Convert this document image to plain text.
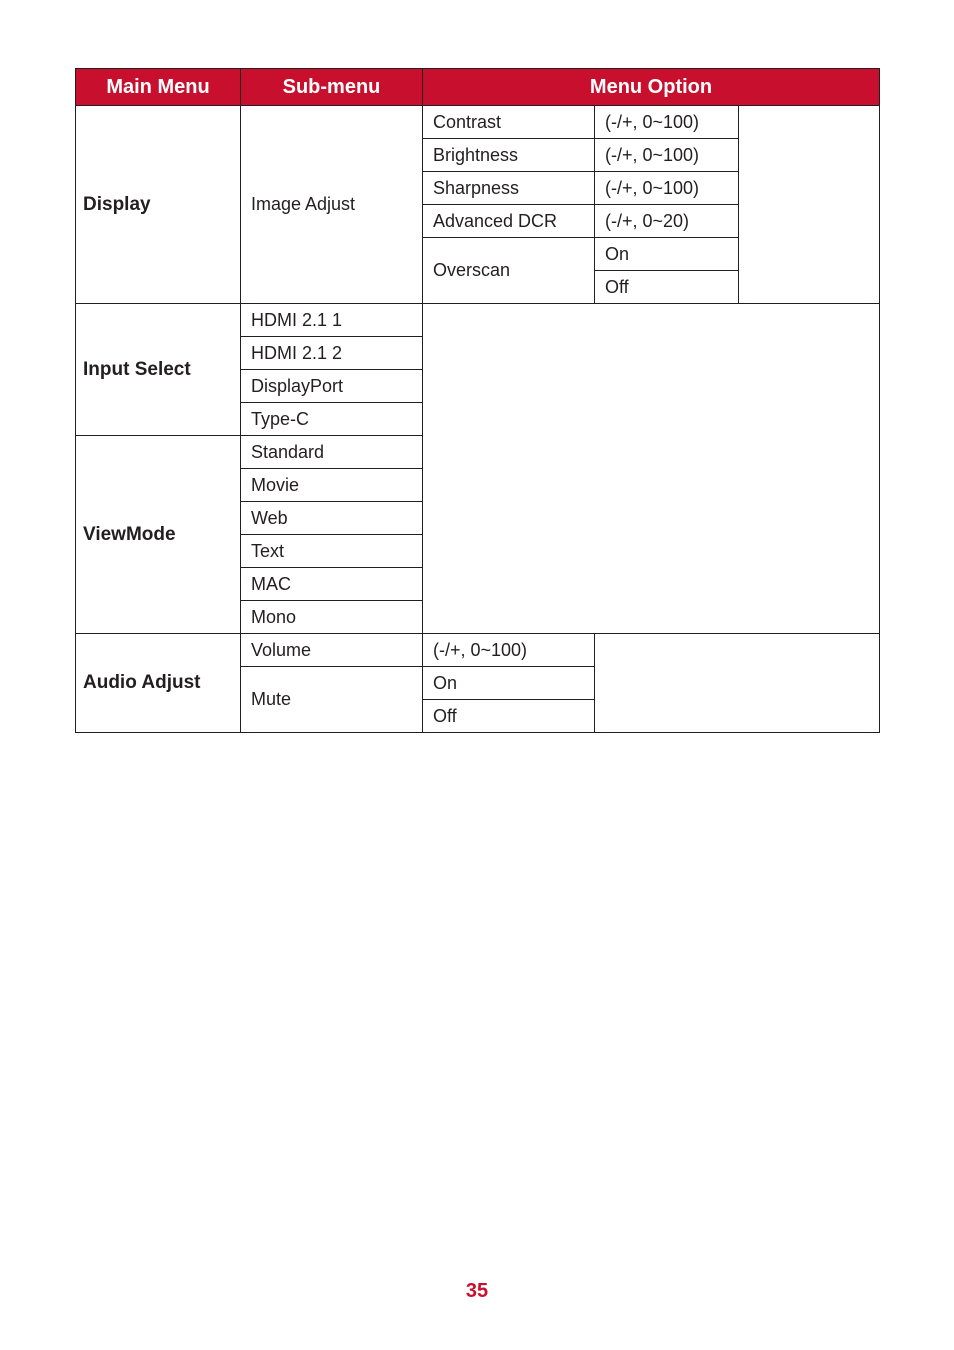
Main Menu	Sub-menu	Menu Option		
Display	Image Adjust	Contrast	(-/+, 0~100)	
		Brightness	(-/+, 0~100)	
		Sharpness	(-/+, 0~100)	
		Advanced DCR	(-/+, 0~20)	
		Overscan	On	
			Off	
Input Select	HDMI 2.1 1			
	HDMI 2.1 2			
	DisplayPort			
	Type-C			
ViewMode	Standard			
	Movie			
	Web			
	Text			
	MAC			
	Mono			
Audio Adjust	Volume	(-/+, 0~100)		
	Mute	On		
		Off		
35
